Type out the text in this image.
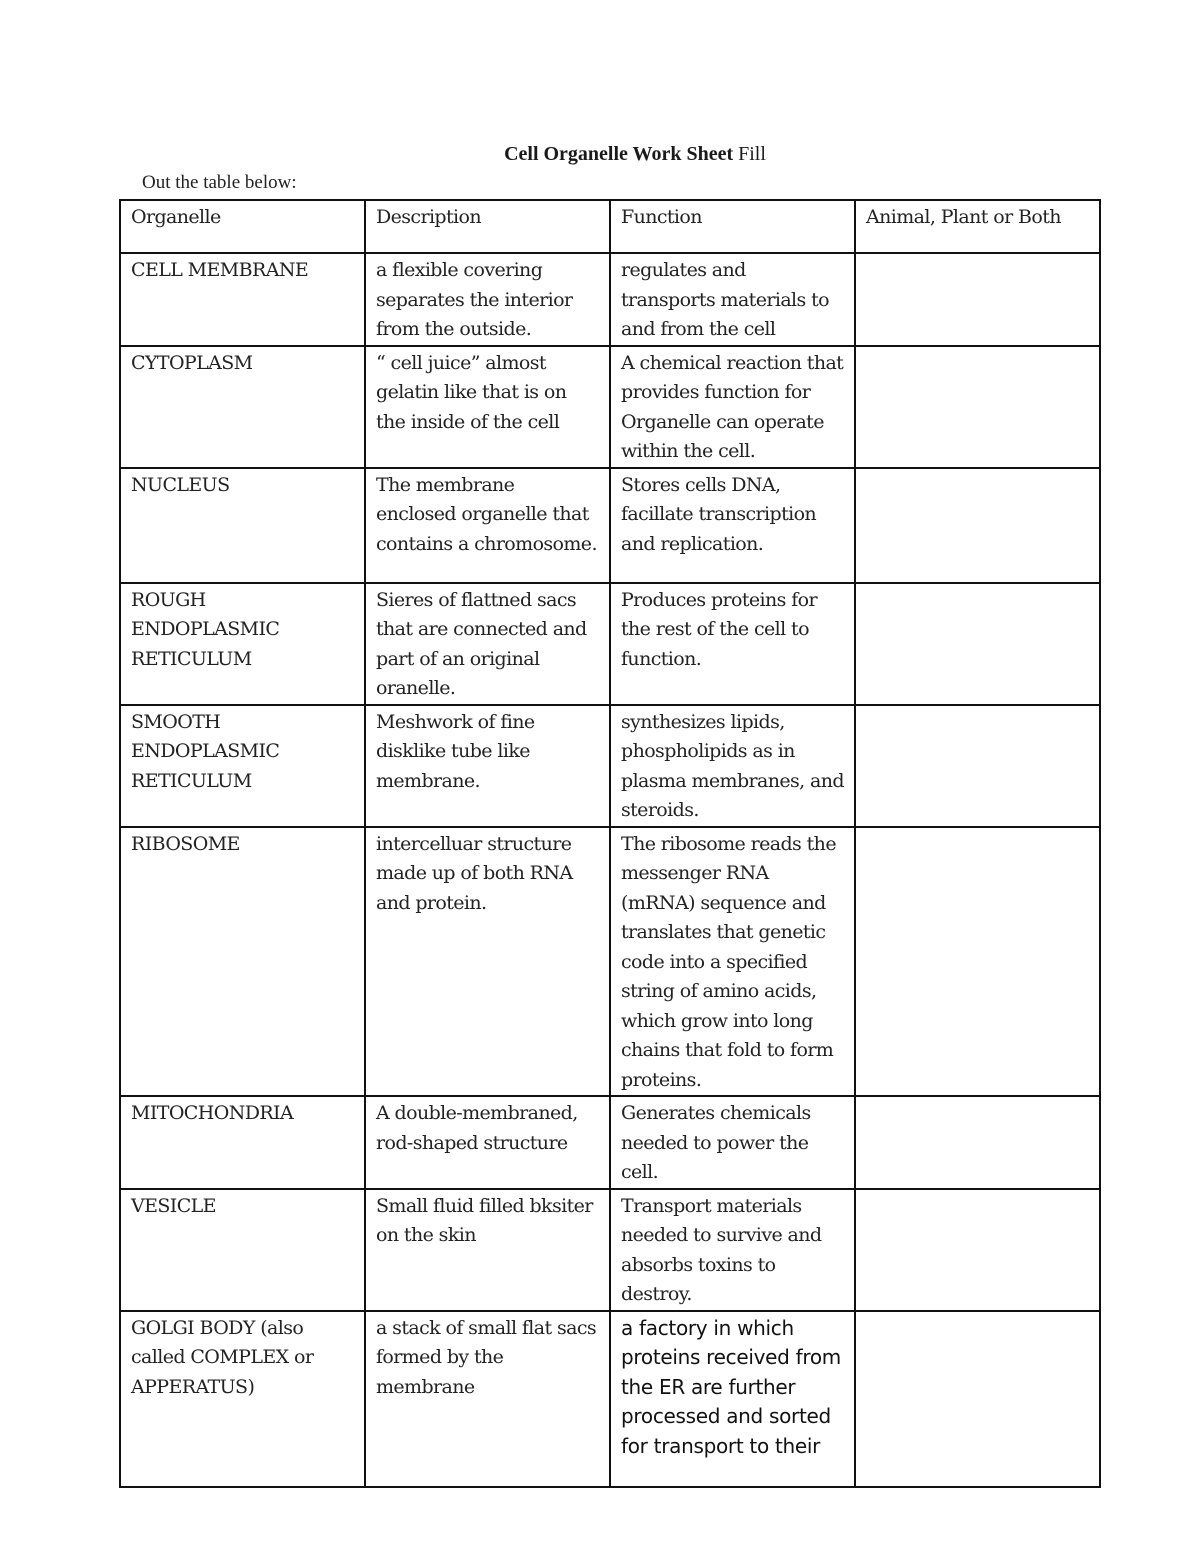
Cell Organelle Work Sheet Fill
Out the table below:
Organelle	Description	Function	Animal, Plant or Both
CELL MEMBRANE	a flexible covering separates the interior from the outside.	regulates and transports materials to and from the cell	
CYTOPLASM	“ cell juice” almost gelatin like that is on the inside of the cell	A chemical reaction that provides function for Organelle can operate within the cell.	
NUCLEUS	The membrane enclosed organelle that contains a chromosome.	Stores cells DNA, facillate transcription and replication.	
ROUGH ENDOPLASMIC RETICULUM	Sieres of flattned sacs that are connected and part of an original oranelle.	Produces proteins for the rest of the cell to function.	
SMOOTH ENDOPLASMIC RETICULUM	Meshwork of fine disklike tube like membrane.	synthesizes lipids, phospholipids as in plasma membranes, and steroids.	
RIBOSOME	intercelluar structure made up of both RNA and protein.	The ribosome reads the messenger RNA (mRNA) sequence and translates that genetic code into a specified string of amino acids, which grow into long chains that fold to form proteins.	
MITOCHONDRIA	A double-membraned, rod-shaped structure	Generates chemicals needed to power the cell.	
VESICLE	Small fluid filled bksiter on the skin	Transport materials needed to survive and absorbs toxins to destroy.	
GOLGI BODY (also called COMPLEX or APPERATUS)	a stack of small flat sacs formed by the membrane	a factory in which proteins received from the ER are further processed and sorted for transport to their	
